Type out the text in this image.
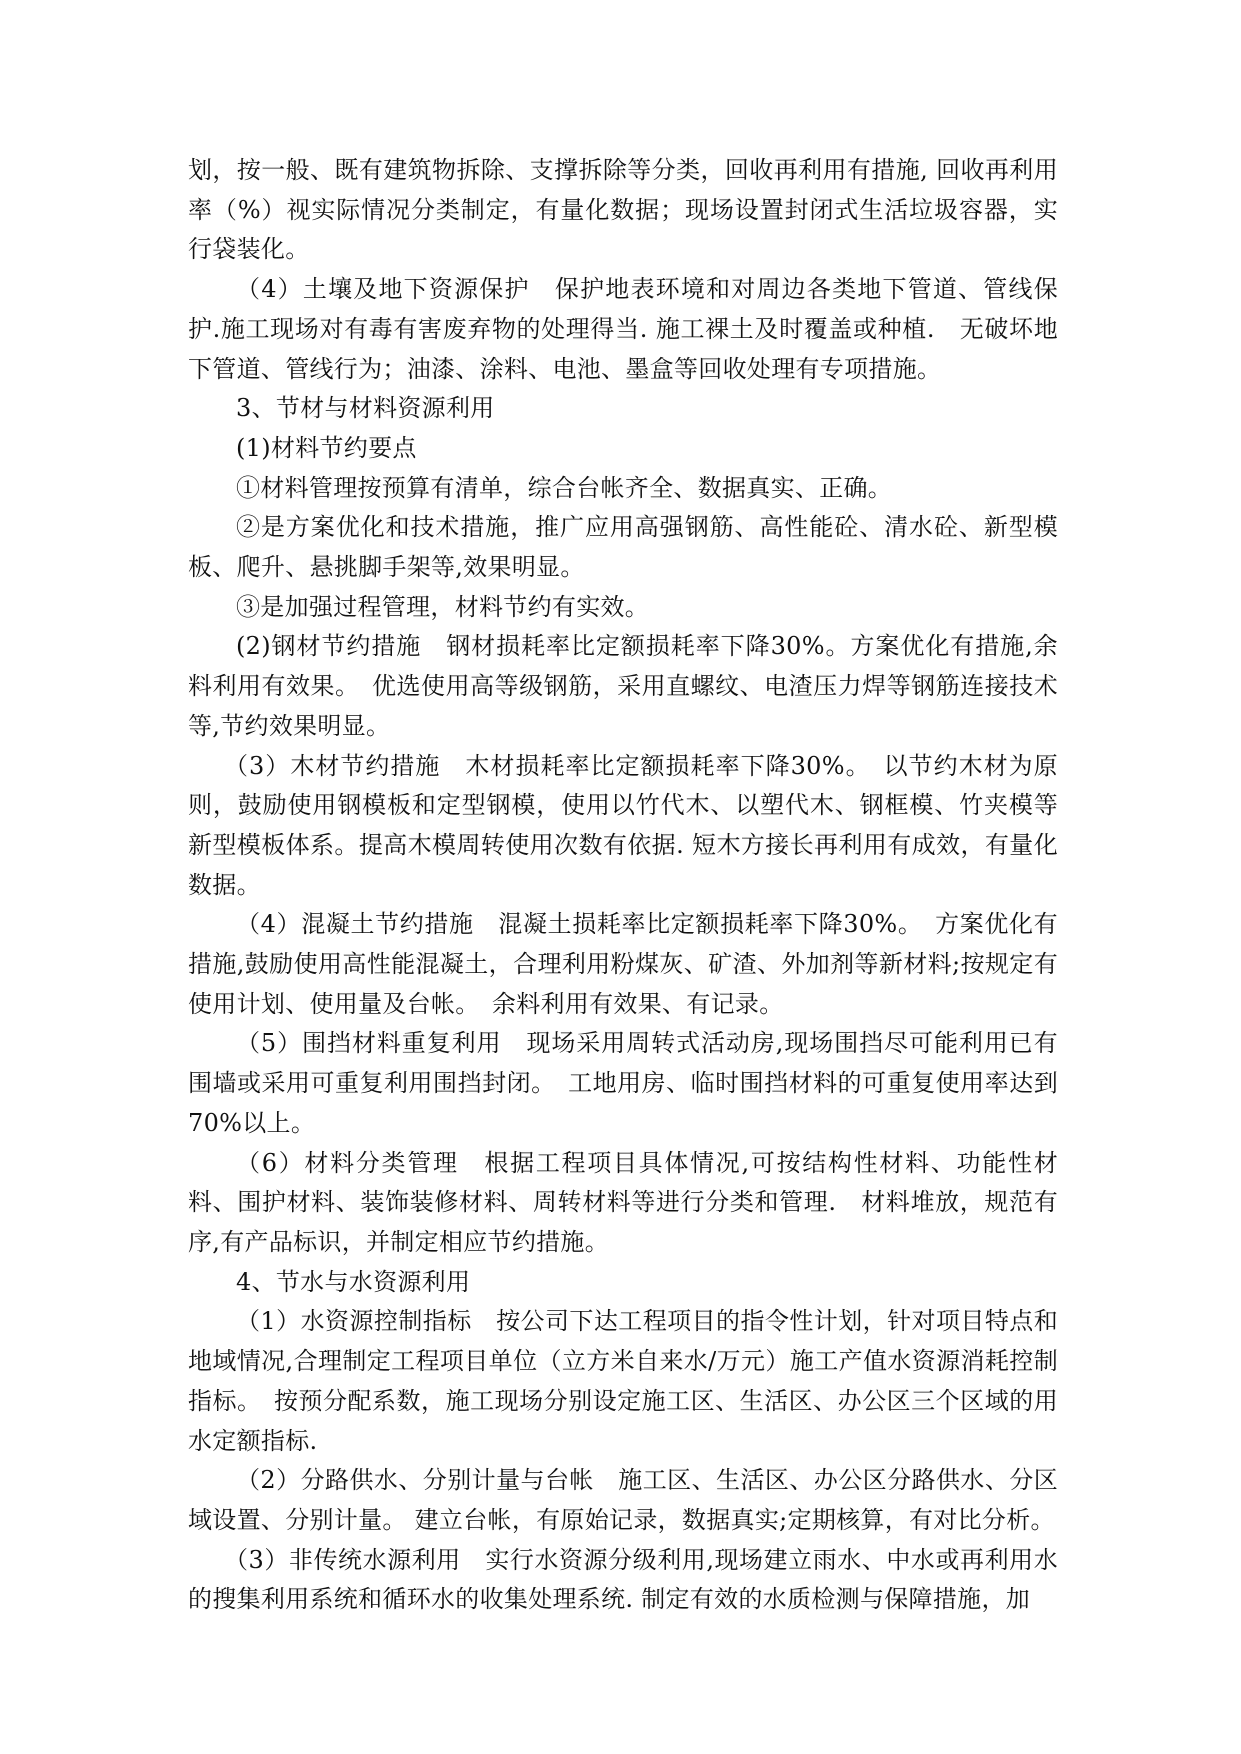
划，按一般、既有建筑物拆除、支撑拆除等分类，回收再利用有措施, 回收再利用率（%）视实际情况分类制定，有量化数据；现场设置封闭式生活垃圾容器，实行袋装化。

（4）土壤及地下资源保护　保护地表环境和对周边各类地下管道、管线保护.施工现场对有毒有害废弃物的处理得当. 施工裸土及时覆盖或种植.　无破坏地下管道、管线行为；油漆、涂料、电池、墨盒等回收处理有专项措施。

3、节材与材料资源利用

(1)材料节约要点

①材料管理按预算有清单，综合台帐齐全、数据真实、正确。

②是方案优化和技术措施，推广应用高强钢筋、高性能砼、清水砼、新型模板、爬升、悬挑脚手架等,效果明显。

③是加强过程管理，材料节约有实效。

(2)钢材节约措施　钢材损耗率比定额损耗率下降30%。方案优化有措施,余料利用有效果。　优选使用高等级钢筋，采用直螺纹、电渣压力焊等钢筋连接技术等,节约效果明显。

（3）木材节约措施　木材损耗率比定额损耗率下降30%。　以节约木材为原则，鼓励使用钢模板和定型钢模，使用以竹代木、以塑代木、钢框模、竹夹模等新型模板体系。提高木模周转使用次数有依据. 短木方接长再利用有成效，有量化数据。

（4）混凝土节约措施　混凝土损耗率比定额损耗率下降30%。　方案优化有措施,鼓励使用高性能混凝土，合理利用粉煤灰、矿渣、外加剂等新材料;按规定有使用计划、使用量及台帐。　余料利用有效果、有记录。

（5）围挡材料重复利用　现场采用周转式活动房,现场围挡尽可能利用已有围墙或采用可重复利用围挡封闭。　工地用房、临时围挡材料的可重复使用率达到70%以上。

（6）材料分类管理　根据工程项目具体情况,可按结构性材料、功能性材料、围护材料、装饰装修材料、周转材料等进行分类和管理.　材料堆放，规范有序,有产品标识，并制定相应节约措施。

4、节水与水资源利用

（1）水资源控制指标　按公司下达工程项目的指令性计划，针对项目特点和地域情况,合理制定工程项目单位（立方米自来水/万元）施工产值水资源消耗控制指标。　按预分配系数，施工现场分别设定施工区、生活区、办公区三个区域的用水定额指标.

（2）分路供水、分别计量与台帐　施工区、生活区、办公区分路供水、分区域设置、分别计量。 建立台帐，有原始记录，数据真实;定期核算，有对比分析。

（3）非传统水源利用　实行水资源分级利用,现场建立雨水、中水或再利用水的搜集利用系统和循环水的收集处理系统. 制定有效的水质检测与保障措施，加
